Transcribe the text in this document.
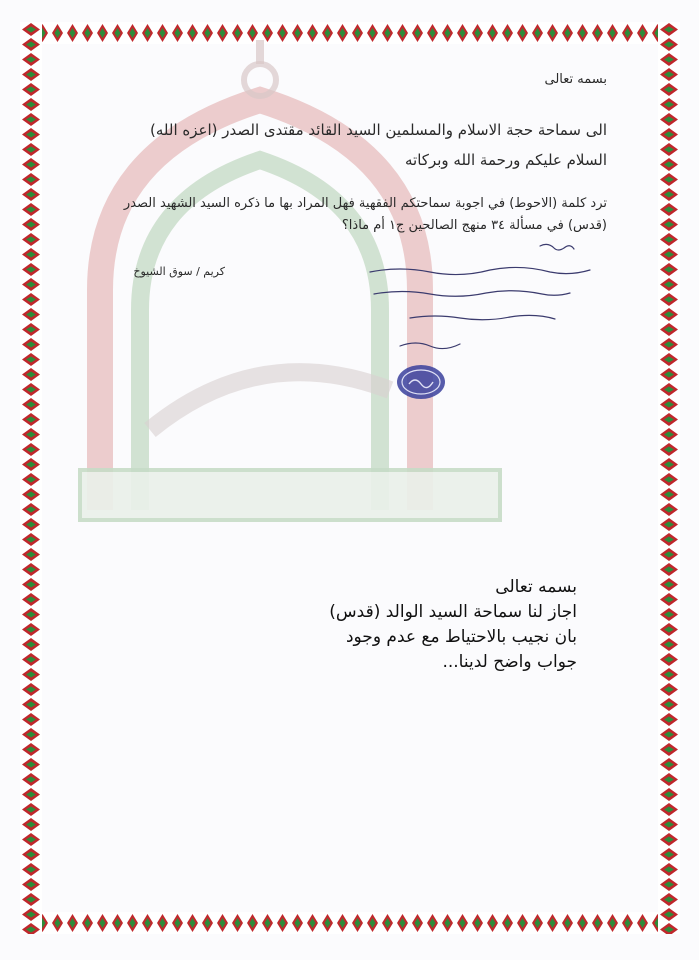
بسمه تعالى
الى سماحة حجة الاسلام والمسلمين السيد القائد مقتدى الصدر (اعزه الله)
السلام عليكم ورحمة الله وبركاته
ترد كلمة (الاحوط) في اجوبة سماحتكم الفقهية فهل المراد بها ما ذكره السيد الشهيد الصدر (قدس) في مسألة ٣٤ منهج الصالحين ج١ أم ماذا؟
كريم / سوق الشيوخ
بسمه تعالى
اجاز لنا سماحة السيد الوالد (قدس)
بان نجيب بالاحتياط مع عدم وجود
جواب واضح لدينا...
